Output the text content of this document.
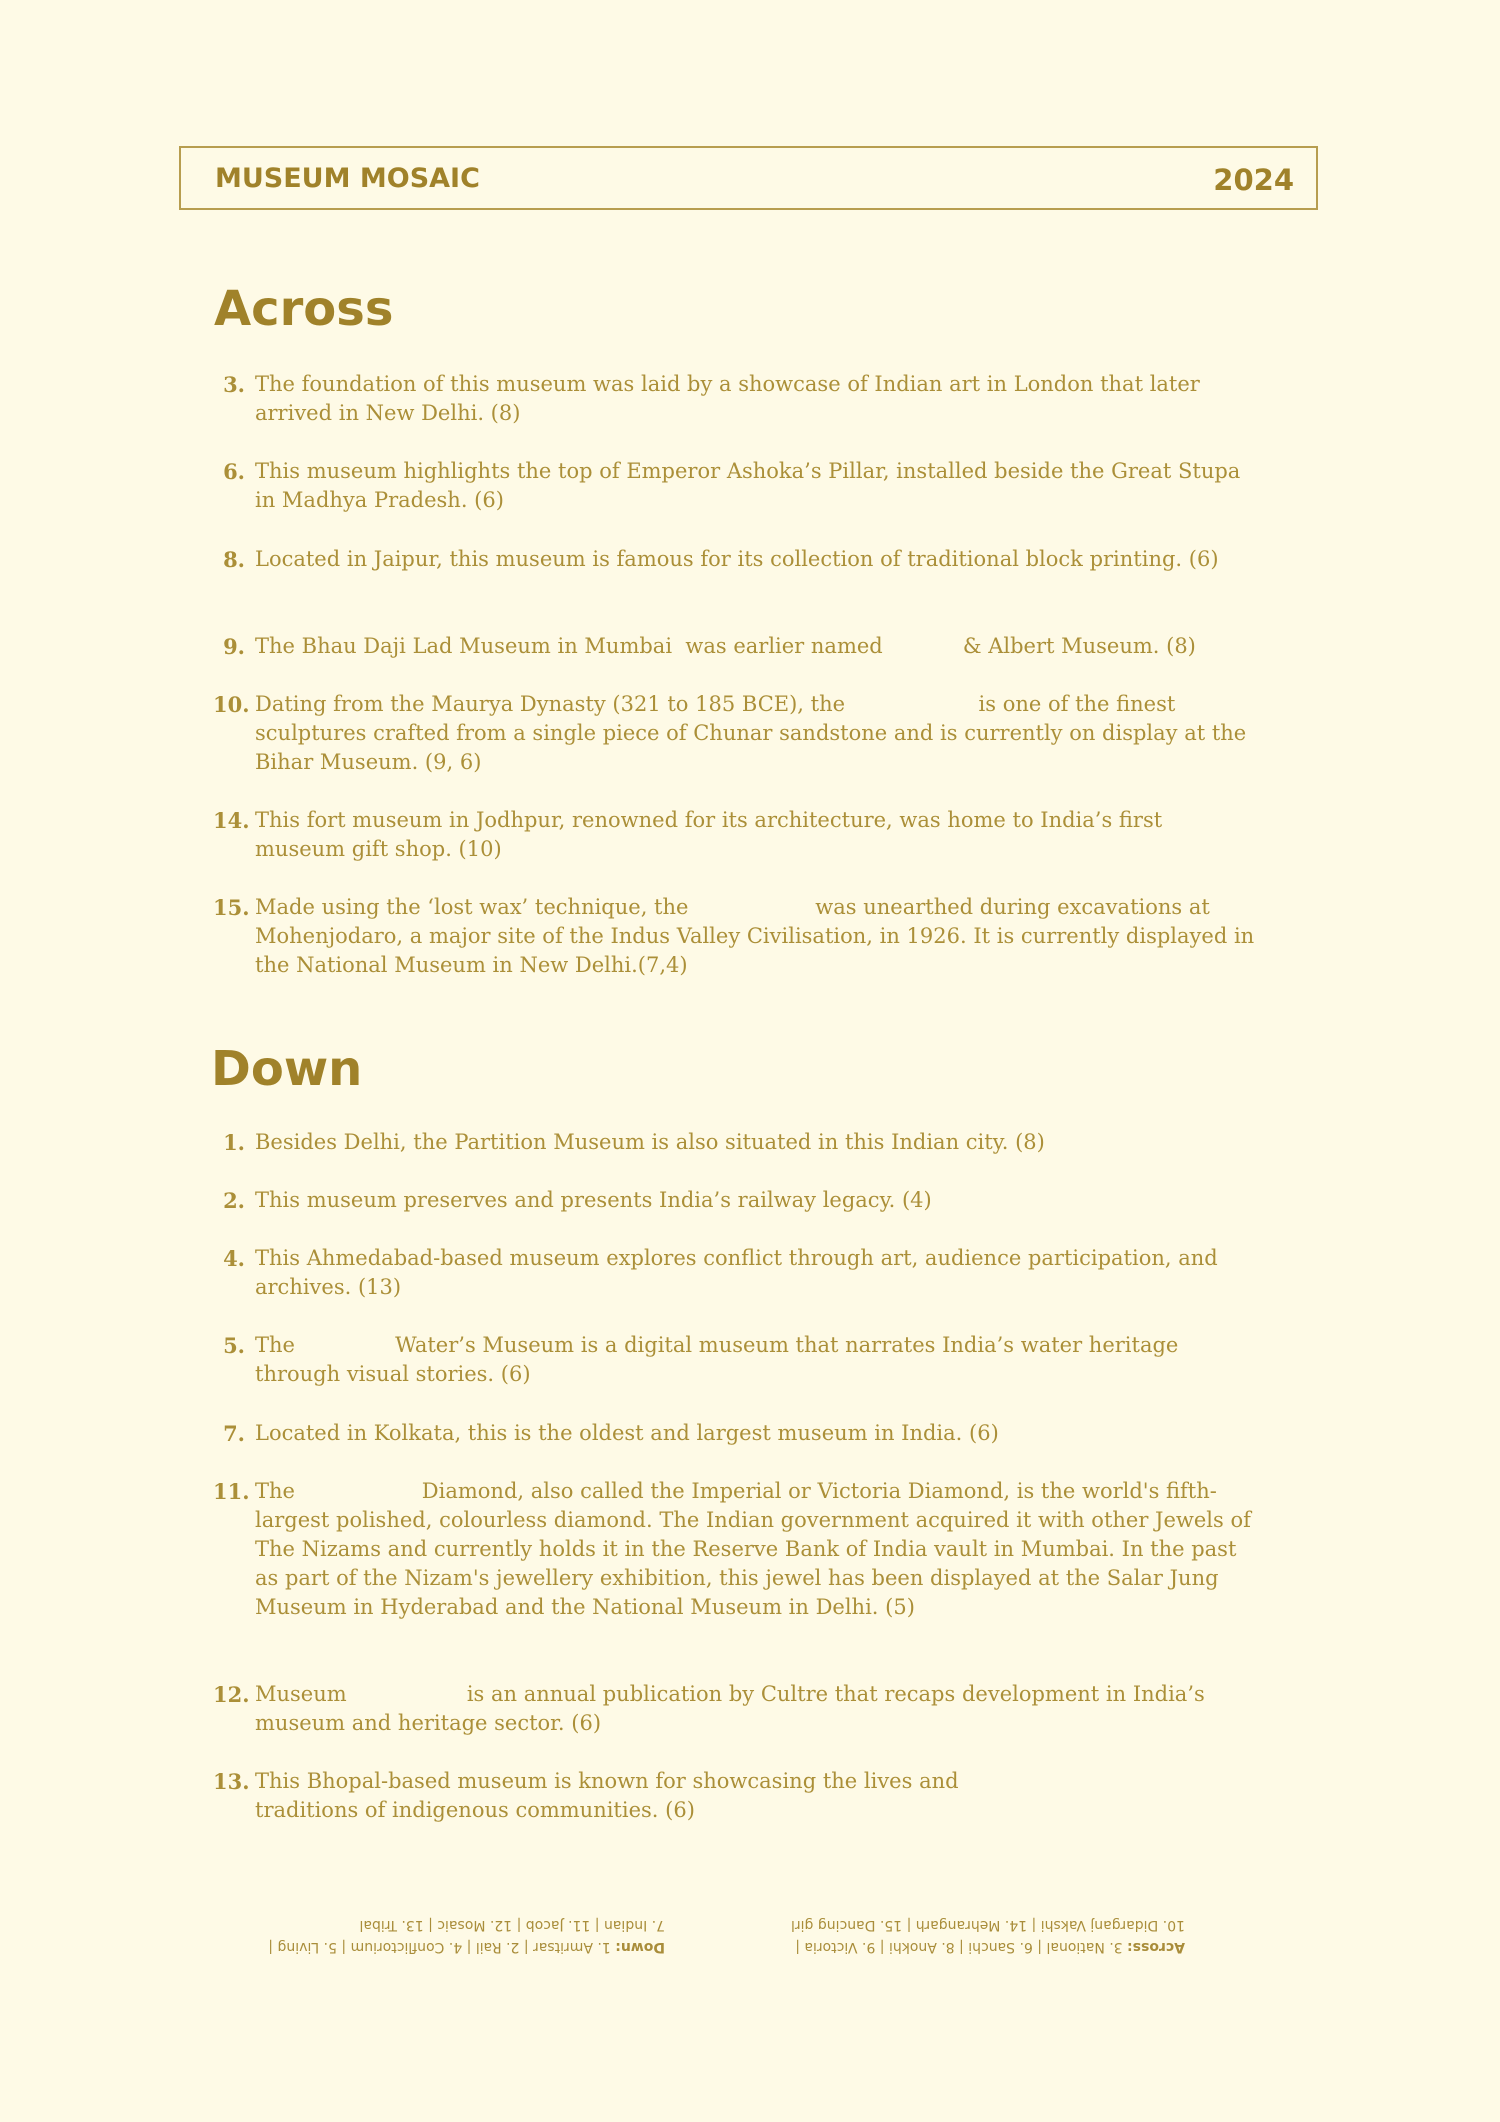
MUSEUM MOSAIC	2024
Across
3. The foundation of this museum was laid by a showcase of Indian art in London that later arrived in New Delhi. (8)
6. This museum highlights the top of Emperor Ashoka’s Pillar, installed beside the Great Stupa in Madhya Pradesh. (6)
8. Located in Jaipur, this museum is famous for its collection of traditional block printing. (6)
9. The Bhau Daji Lad Museum in Mumbai  was earlier named            & Albert Museum. (8)
10. Dating from the Maurya Dynasty (321 to 185 BCE), the                    is one of the finest sculptures crafted from a single piece of Chunar sandstone and is currently on display at the Bihar Museum. (9, 6)
14. This fort museum in Jodhpur, renowned for its architecture, was home to India’s first museum gift shop. (10)
15. Made using the ‘lost wax’ technique, the                   was unearthed during excavations at Mohenjodaro, a major site of the Indus Valley Civilisation, in 1926. It is currently displayed in the National Museum in New Delhi.(7,4)
Down
1. Besides Delhi, the Partition Museum is also situated in this Indian city. (8)
2. This museum preserves and presents India’s railway legacy. (4)
4. This Ahmedabad-based museum explores conflict through art, audience participation, and archives. (13)
5. The               Water’s Museum is a digital museum that narrates India’s water heritage through visual stories. (6)
7. Located in Kolkata, this is the oldest and largest museum in India. (6)
11. The                   Diamond, also called the Imperial or Victoria Diamond, is the world's fifth-largest polished, colourless diamond. The Indian government acquired it with other Jewels of The Nizams and currently holds it in the Reserve Bank of India vault in Mumbai. In the past as part of the Nizam's jewellery exhibition, this jewel has been displayed at the Salar Jung Museum in Hyderabad and the National Museum in Delhi. (5)
12. Museum                  is an annual publication by Cultre that recaps development in India’s museum and heritage sector. (6)
13. This Bhopal-based museum is known for showcasing the lives and traditions of indigenous communities. (6)
Across: 3. National | 6. Sanchi | 8. Anokhi | 9. Victoria |
10. Didarganj Vakshi | 14. Mehrangarh | 15. Dancing girl
Down: 1. Amritsar | 2. Rail | 4. Conflictorium | 5. Living |
7. Indian | 11. Jacob | 12. Mosaic | 13. Tribal
